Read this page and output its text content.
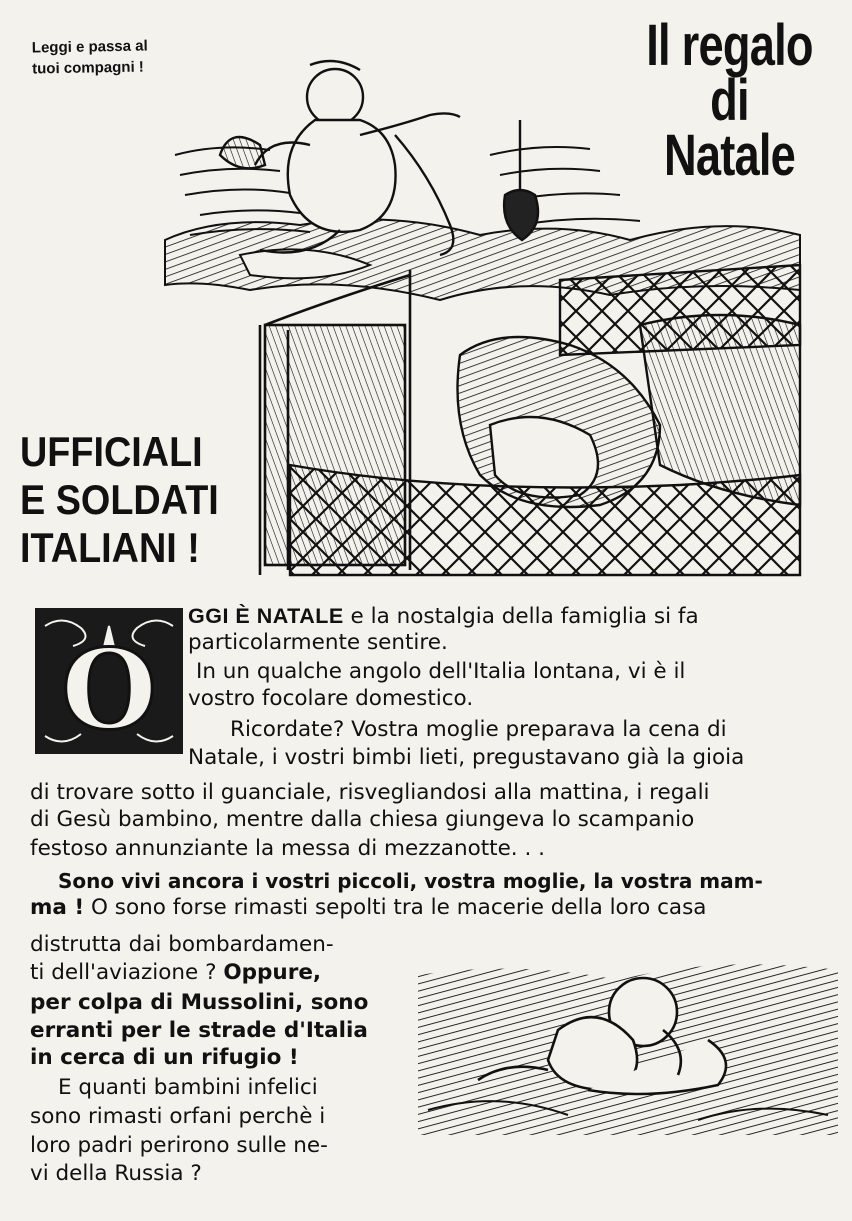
Leggi e passa al
tuoi compagni !	Il regalo
di Natale
UFFICIALI
E SOLDATI
ITALIANI !
O
GGI È NATALE e la nostalgia della famiglia si fa
particolarmente sentire.
In un qualche angolo dell'Italia lontana, vi è il
vostro focolare domestico.
Ricordate? Vostra moglie preparava la cena di
Natale, i vostri bimbi lieti, pregustavano già la gioia
di trovare sotto il guanciale, risvegliandosi alla mattina, i regali
di Gesù bambino, mentre dalla chiesa giungeva lo scampanio
festoso annunziante la messa di mezzanotte. . .
Sono vivi ancora i vostri piccoli, vostra moglie, la vostra mam-
ma ! O sono forse rimasti sepolti tra le macerie della loro casa
distrutta dai bombardamen-
ti dell'aviazione ? Oppure,
per colpa di Mussolini, sono
erranti per le strade d'Italia
in cerca di un rifugio !
E quanti bambini infelici
sono rimasti orfani perchè i
loro padri perirono sulle ne-
vi della Russia ?
